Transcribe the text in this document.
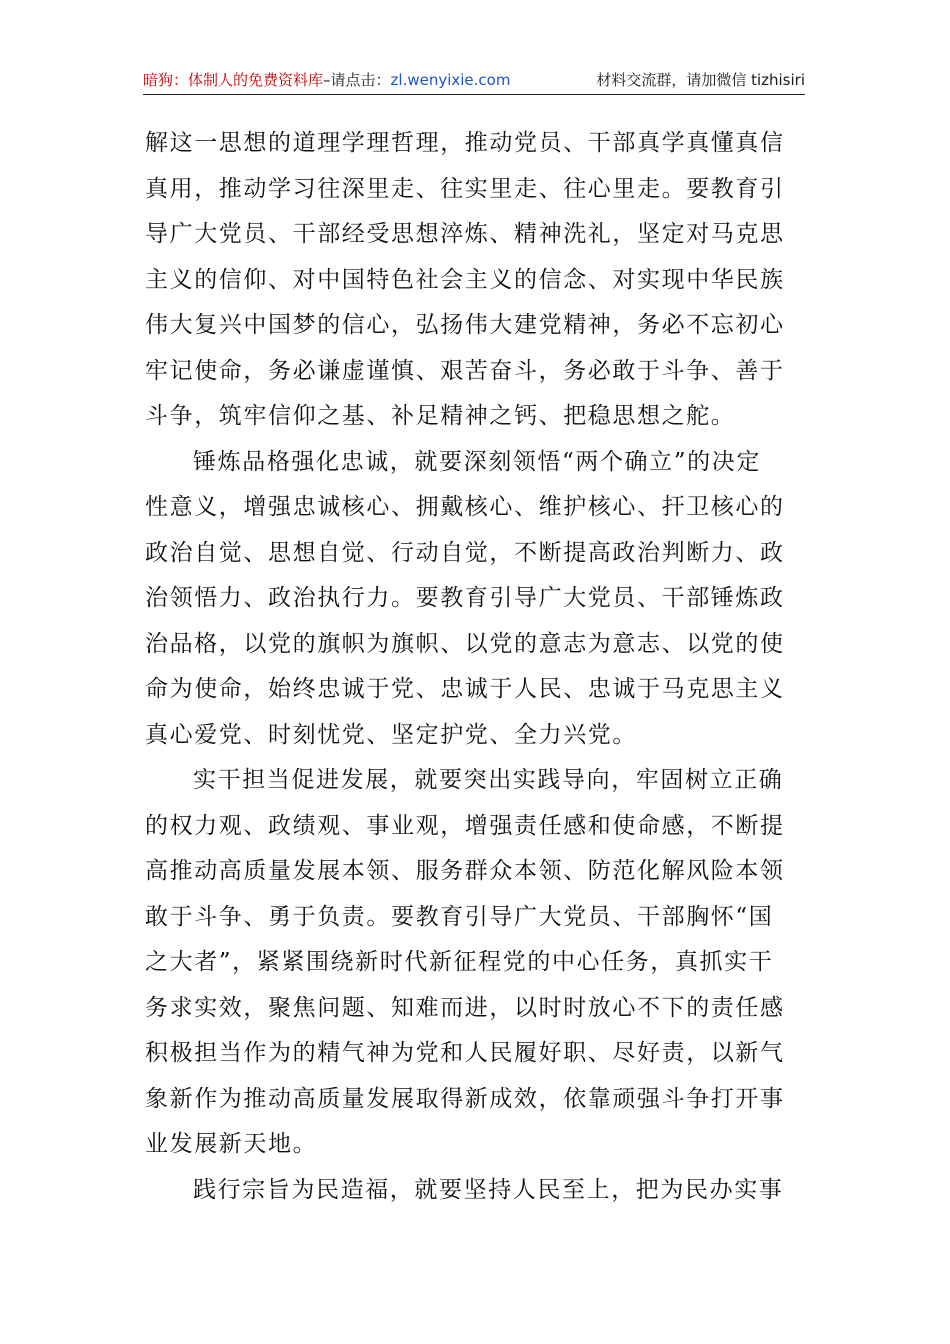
暗狗：体制人的免费资料库–请点击：zl.wenyixie.com	材料交流群，请加微信 tizhisiri
解这一思想的道理学理哲理，推动党员、干部真学真懂真信
真用，推动学习往深里走、往实里走、往心里走。要教育引
导广大党员、干部经受思想淬炼、精神洗礼，坚定对马克思
主义的信仰、对中国特色社会主义的信念、对实现中华民族
伟大复兴中国梦的信心，弘扬伟大建党精神，务必不忘初心
牢记使命，务必谦虚谨慎、艰苦奋斗，务必敢于斗争、善于
斗争，筑牢信仰之基、补足精神之钙、把稳思想之舵。
锤炼品格强化忠诚，就要深刻领悟“两个确立”的决定
性意义，增强忠诚核心、拥戴核心、维护核心、扞卫核心的
政治自觉、思想自觉、行动自觉，不断提高政治判断力、政
治领悟力、政治执行力。要教育引导广大党员、干部锤炼政
治品格，以党的旗帜为旗帜、以党的意志为意志、以党的使
命为使命，始终忠诚于党、忠诚于人民、忠诚于马克思主义
真心爱党、时刻忧党、坚定护党、全力兴党。
实干担当促进发展，就要突出实践导向，牢固树立正确
的权力观、政绩观、事业观，增强责任感和使命感，不断提
高推动高质量发展本领、服务群众本领、防范化解风险本领
敢于斗争、勇于负责。要教育引导广大党员、干部胸怀“国
之大者”，紧紧围绕新时代新征程党的中心任务，真抓实干
务求实效，聚焦问题、知难而进，以时时放心不下的责任感
积极担当作为的精气神为党和人民履好职、尽好责，以新气
象新作为推动高质量发展取得新成效，依靠顽强斗争打开事
业发展新天地。
践行宗旨为民造福，就要坚持人民至上，把为民办实事
